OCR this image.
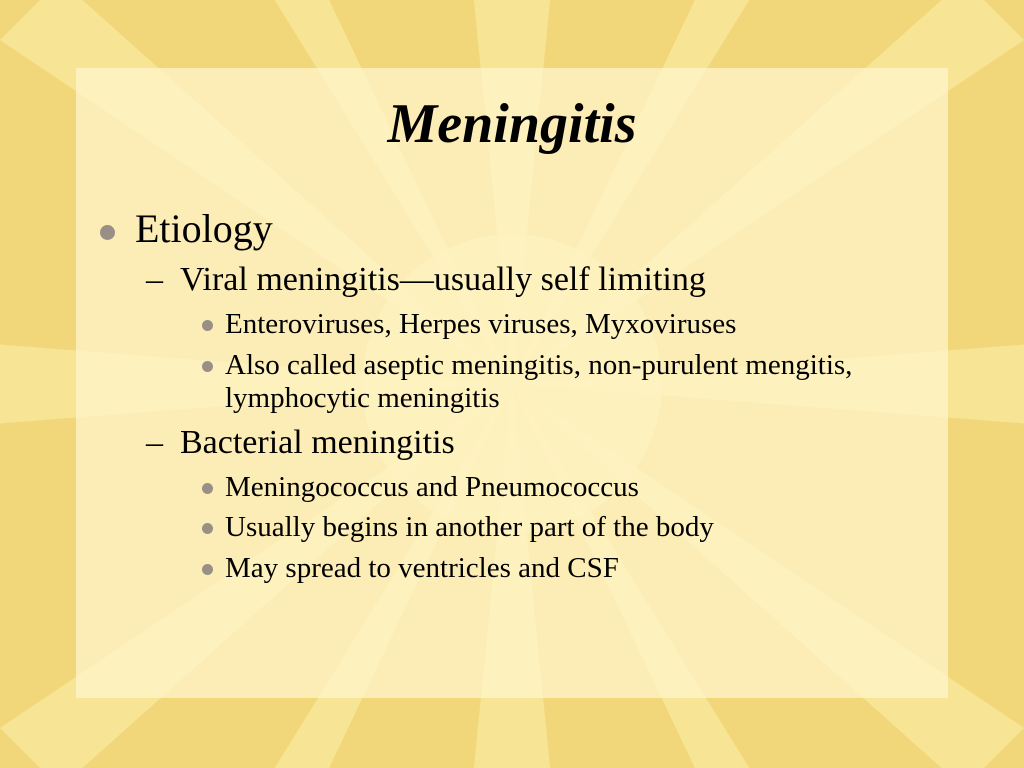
Meningitis
Etiology
– Viral meningitis—usually self limiting
Enteroviruses, Herpes viruses, Myxoviruses
Also called aseptic meningitis, non-purulent mengitis, lymphocytic meningitis
– Bacterial meningitis
Meningococcus and Pneumococcus
Usually begins in another part of the body
May spread to ventricles and CSF
